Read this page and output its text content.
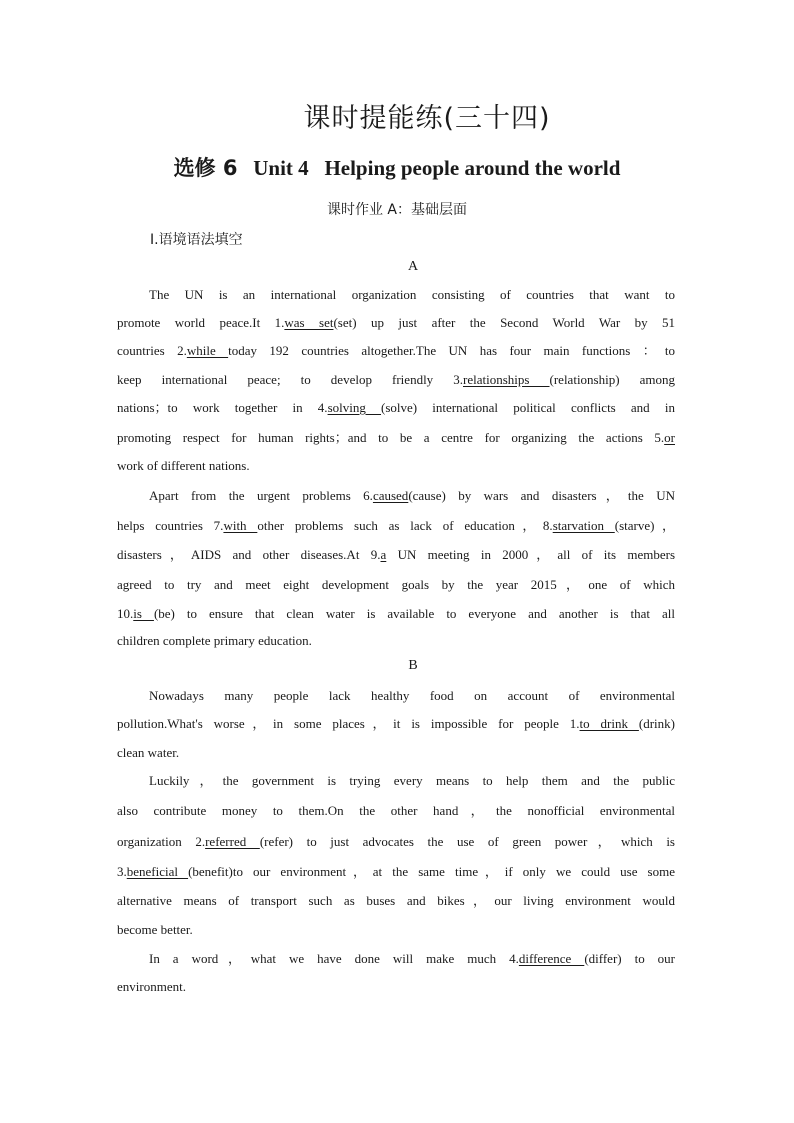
课时提能练(三十四)
选修 6 Unit 4 Helping people around the world
课时作业 A：基础层面
Ⅰ.语境语法填空
A
The UN is an international organization consisting of countries that want to
promote world peace.It 1.was set(set) up just after the Second World War by 51
countries 2.while today 192 countries altogether.The UN has four main functions ：to
keep international peace; to develop friendly 3.relationships (relationship) among
nations；to work together in 4.solving (solve) international political conflicts and in
promoting respect for human rights；and to be a centre for organizing the actions 5.or
work of different nations.
Apart from the urgent problems 6.caused(cause) by wars and disasters，the UN
helps countries 7.with other problems such as lack of education，8.starvation (starve)，
disasters，AIDS and other diseases.At 9.a UN meeting in 2000，all of its members
agreed to try and meet eight development goals by the year 2015，one of which
10.is (be) to ensure that clean water is available to everyone and another is that all
children complete primary education.
B
Nowadays many people lack healthy food on account of environmental
pollution.What's worse，in some places，it is impossible for people 1.to drink (drink)
clean water.
Luckily，the government is trying every means to help them and the public
also contribute money to them.On the other hand，the nonofficial environmental
organization 2.referred (refer) to just advocates the use of green power，which is
3.beneficial (benefit)to our environment，at the same time，if only we could use some
alternative means of transport such as buses and bikes，our living environment would
become better.
In a word，what we have done will make much 4.difference (differ) to our
environment.
